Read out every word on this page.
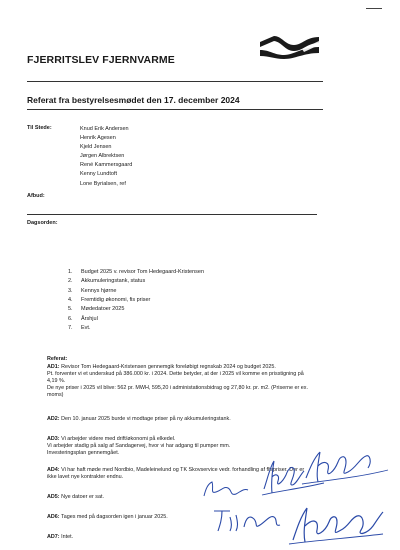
FJERRITSLEV FJERNVARME
Referat fra bestyrelsesmødet den 17. december 2024
Til Stede:	Knud Erik Andersen
Henrik Agesen
Kjeld Jensen
Jørgen Albrektsen
René Kammersgaard
Kenny Lundtoft
Lone Byrialsen, ref
Afbud:
Dagsorden:
1. Budget 2025 v. revisor Tom Hedegaard-Kristensen
2. Akkumuleringstank, status
3. Kennys hjørne
4. Fremtidig økonomi, fis priser
5. Mødedatoer 2025
6. Årshjul
7. Evt.
Referat:
AD1: Revisor Tom Hedegaard-Kristensen gennemgik foreløbigt regnskab 2024 og budget 2025.
Pt. forventer vi et underskud på 386.000 kr. i 2024. Dette betyder, at der i 2025 vil komme en prisstigning på
4,19 %.
De nye priser i 2025 vil blive: 562 pr. MWH, 595,20 i administationsbidrag og 27,80 kr. pr. m2. (Priserne er ex.
moms)
AD2: Den 10. januar 2025 burde vi modtage priser på ny akkumuleringstank.
AD3: Vi arbejder videre med drift/økonomi på elkedel.
Vi arbejder stadig på salg af Sandagervej, hvor vi har adgang til pumper mm.
Investeringsplan gennemgået.
AD4: Vi har haft møde med Nordbio, Madeleinelund og TK Skovservice vedr. forhandling af flispriser. Der er
ikke lavet nye kontrakter endnu.
AD5: Nye datoer er sat.
AD6: Tages med på dagsorden igen i januar 2025.
AD7: Intet.
